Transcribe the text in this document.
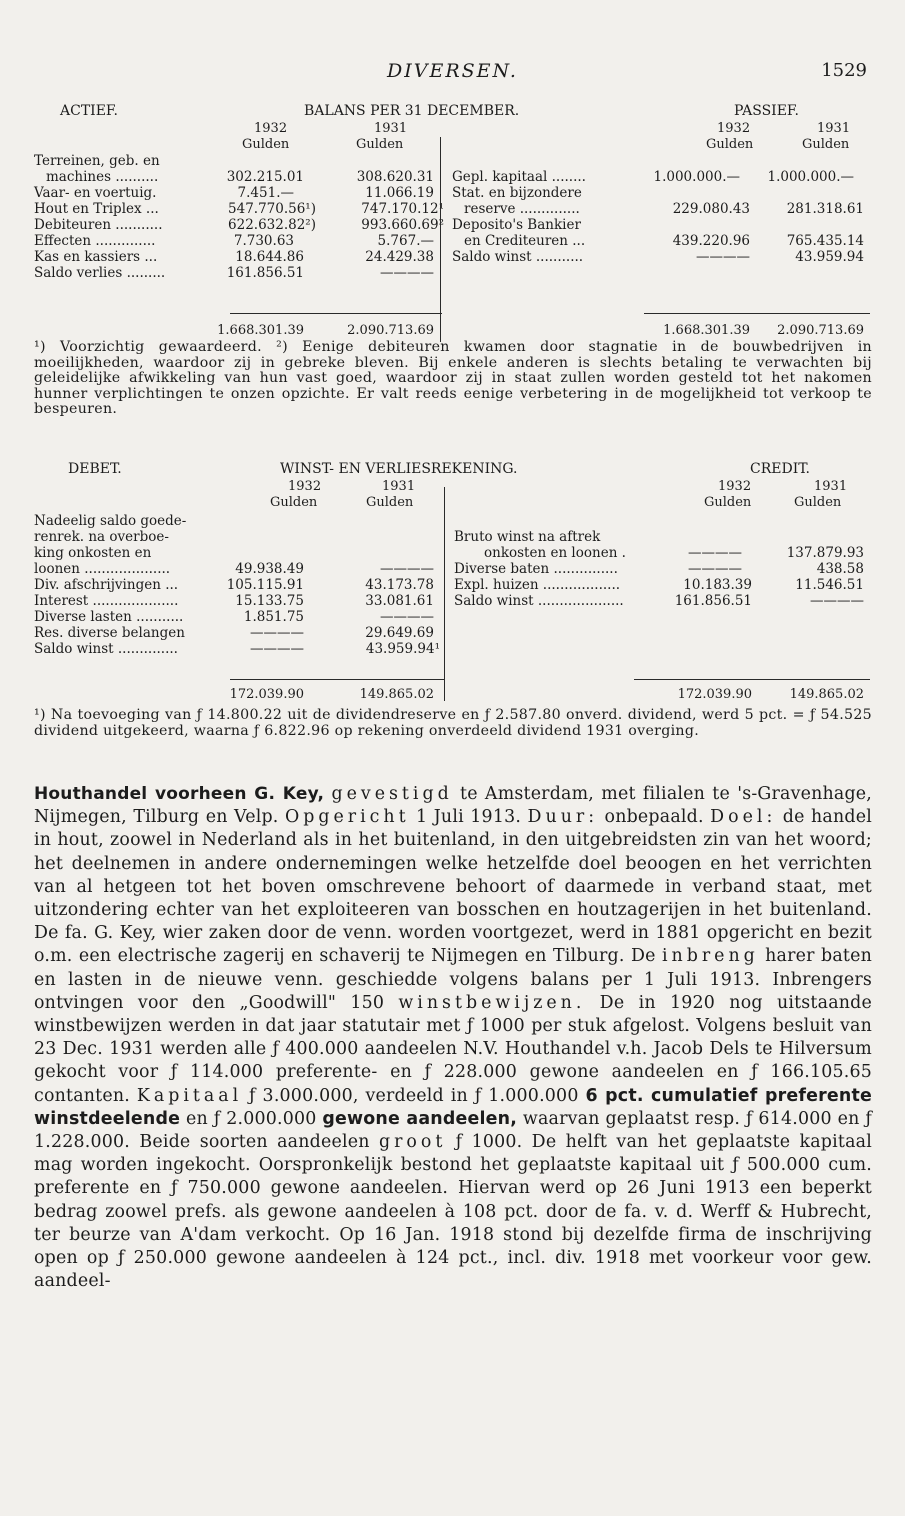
DIVERSEN.	1529
ACTIEF.	BALANS PER 31 DECEMBER.	PASSIEF.
1932	1931	1932	1931
Gulden	Gulden	Gulden	Gulden
Terreinen, geb. en
machines ..........	302.215.01	308.620.31
Vaar- en voertuig.	7.451.—	11.066.19
Hout en Triplex ...	547.770.56¹)	747.170.12¹
Debiteuren ...........	622.632.82²)	993.660.69²
Effecten ..............	7.730.63	5.767.—
Kas en kassiers ...	18.644.86	24.429.38
Saldo verlies .........	161.856.51	————
Gepl. kapitaal ........	1.000.000.—	1.000.000.—
Stat. en bijzondere
reserve ..............	229.080.43	281.318.61
Deposito's Bankier
en Crediteuren ...	439.220.96	765.435.14
Saldo winst ...........	————	43.959.94
1.668.301.39	2.090.713.69	1.668.301.39	2.090.713.69
¹) Voorzichtig gewaardeerd. ²) Eenige debiteuren kwamen door stagnatie in de bouwbedrijven in moeilijkheden, waardoor zij in gebreke bleven. Bij enkele anderen is slechts betaling te verwachten bij geleidelijke afwikkeling van hun vast goed, waardoor zij in staat zullen worden gesteld tot het nakomen hunner verplichtingen te onzen opzichte. Er valt reeds eenige verbetering in de mogelijkheid tot verkoop te bespeuren.
DEBET.	WINST- EN VERLIESREKENING.	CREDIT.
1932	1931	1932	1931
Gulden	Gulden	Gulden	Gulden
Nadeelig saldo goede-
renrek. na overboe-
king onkosten en
loonen ....................	49.938.49	————
Div. afschrijvingen ...	105.115.91	43.173.78
Interest ....................	15.133.75	33.081.61
Diverse lasten ...........	1.851.75	————
Res. diverse belangen	————	29.649.69
Saldo winst ..............	————	43.959.94¹
Bruto winst na aftrek
onkosten en loonen .	————	137.879.93
Diverse baten ...............	————	438.58
Expl. huizen ..................	10.183.39	11.546.51
Saldo winst ....................	161.856.51	————
172.039.90	149.865.02	172.039.90	149.865.02
¹) Na toevoeging van ƒ 14.800.22 uit de dividendreserve en ƒ 2.587.80 onverd. dividend, werd 5 pct. = ƒ 54.525 dividend uitgekeerd, waarna ƒ 6.822.96 op rekening onverdeeld dividend 1931 overging.
Houthandel voorheen G. Key, gevestigd te Amsterdam, met filialen te 's-Gravenhage, Nijmegen, Tilburg en Velp. Opgericht 1 Juli 1913. Duur: onbepaald. Doel: de handel in hout, zoowel in Nederland als in het buitenland, in den uitgebreidsten zin van het woord; het deelnemen in andere ondernemingen welke hetzelfde doel beoogen en het verrichten van al hetgeen tot het boven omschrevene behoort of daarmede in verband staat, met uitzondering echter van het exploiteeren van bosschen en houtzagerijen in het buitenland. De fa. G. Key, wier zaken door de venn. worden voortgezet, werd in 1881 opgericht en bezit o.m. een electrische zagerij en schaverij te Nijmegen en Tilburg. De inbreng harer baten en lasten in de nieuwe venn. geschiedde volgens balans per 1 Juli 1913. Inbrengers ontvingen voor den „Goodwill" 150 winstbewijzen. De in 1920 nog uitstaande winstbewijzen werden in dat jaar statutair met ƒ 1000 per stuk afgelost. Volgens besluit van 23 Dec. 1931 werden alle ƒ 400.000 aandeelen N.V. Houthandel v.h. Jacob Dels te Hilversum gekocht voor ƒ 114.000 preferente- en ƒ 228.000 gewone aandeelen en ƒ 166.105.65 contanten. Kapitaal ƒ 3.000.000, verdeeld in ƒ 1.000.000 6 pct. cumulatief preferente winstdeelende en ƒ 2.000.000 gewone aandeelen, waarvan geplaatst resp. ƒ 614.000 en ƒ 1.228.000. Beide soorten aandeelen groot ƒ 1000. De helft van het geplaatste kapitaal mag worden ingekocht. Oorspronkelijk bestond het geplaatste kapitaal uit ƒ 500.000 cum. preferente en ƒ 750.000 gewone aandeelen. Hiervan werd op 26 Juni 1913 een beperkt bedrag zoowel prefs. als gewone aandeelen à 108 pct. door de fa. v. d. Werff & Hubrecht, ter beurze van A'dam verkocht. Op 16 Jan. 1918 stond bij dezelfde firma de inschrijving open op ƒ 250.000 gewone aandeelen à 124 pct., incl. div. 1918 met voorkeur voor gew. aandeel-
